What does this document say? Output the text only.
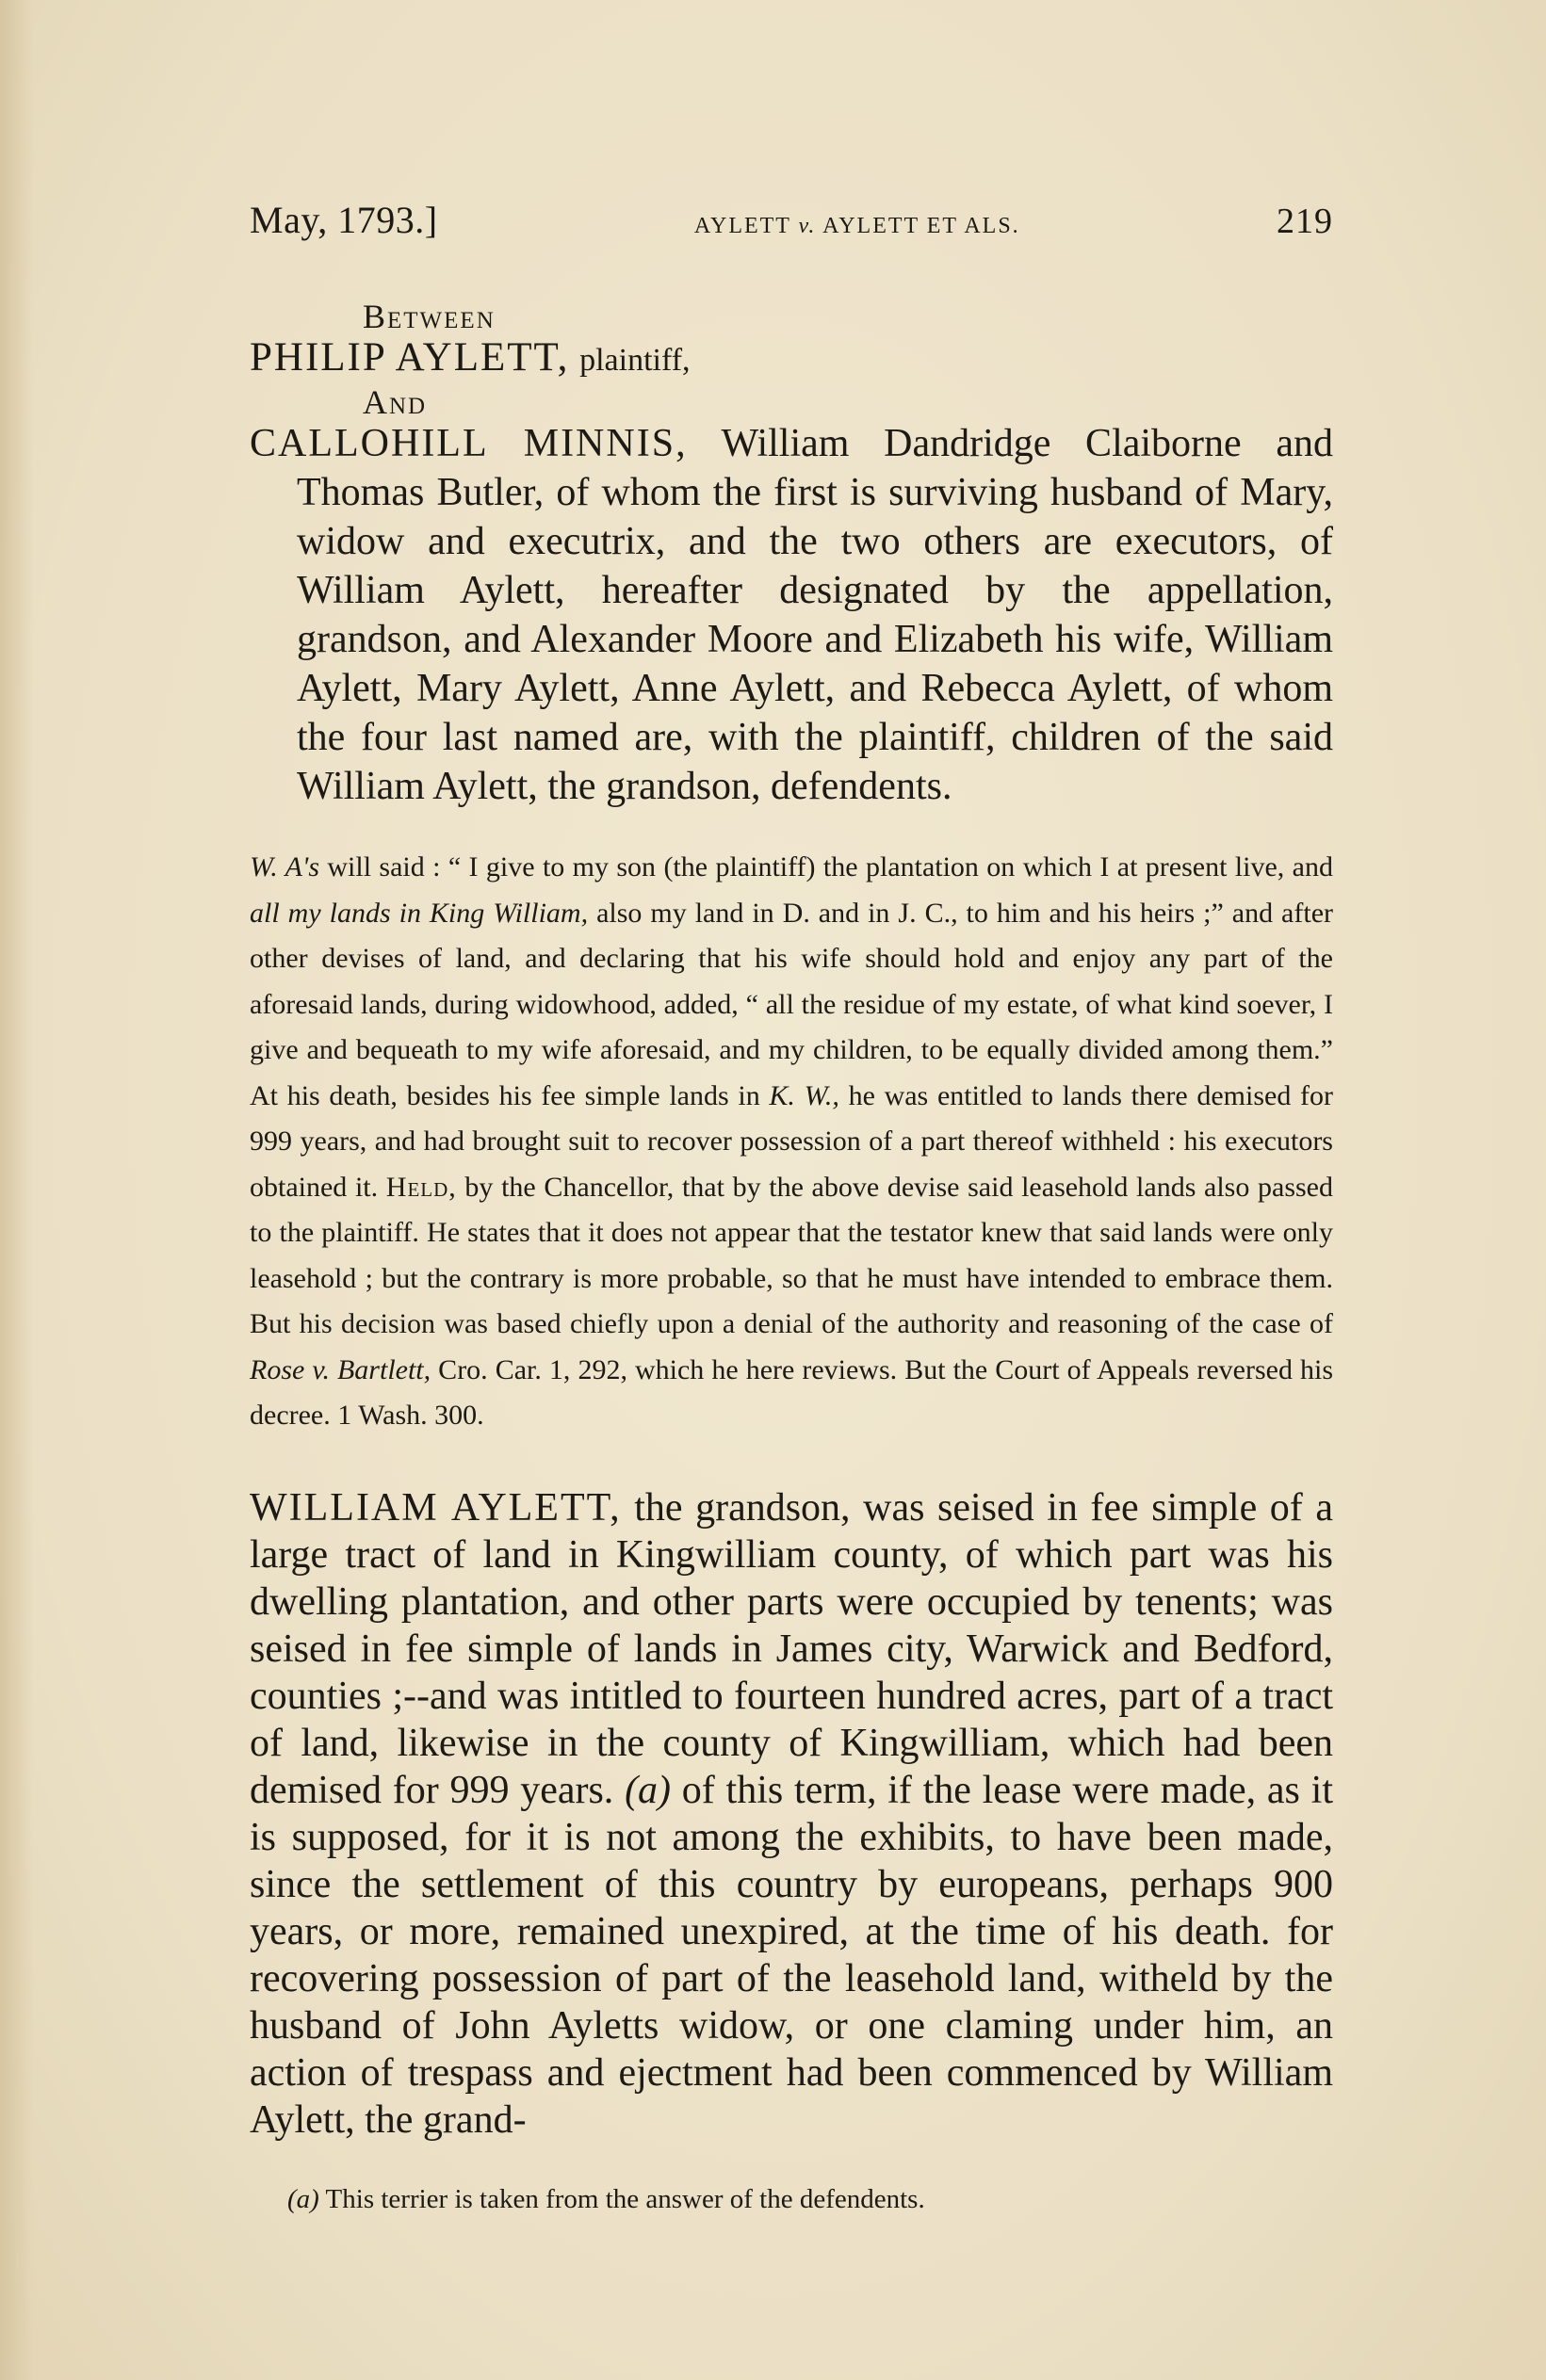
May, 1793.]	AYLETT v. AYLETT ET ALS.	219
Between
PHILIP AYLETT, plaintiff,
And
CALLOHILL MINNIS, William Dandridge Claiborne and Thomas Butler, of whom the first is surviving husband of Mary, widow and executrix, and the two others are executors, of William Aylett, hereafter designated by the appellation, grandson, and Alexander Moore and Elizabeth his wife, William Aylett, Mary Aylett, Anne Aylett, and Rebecca Aylett, of whom the four last named are, with the plaintiff, children of the said William Aylett, the grandson, defendents.
W. A's will said : “ I give to my son (the plaintiff) the plantation on which I at present live, and all my lands in King William, also my land in D. and in J. C., to him and his heirs ;” and after other devises of land, and declaring that his wife should hold and enjoy any part of the aforesaid lands, during widowhood, added, “ all the residue of my estate, of what kind soever, I give and bequeath to my wife aforesaid, and my children, to be equally divided among them.” At his death, besides his fee simple lands in K. W., he was entitled to lands there demised for 999 years, and had brought suit to recover possession of a part thereof withheld : his executors obtained it. Held, by the Chancellor, that by the above devise said leasehold lands also passed to the plaintiff. He states that it does not appear that the testator knew that said lands were only leasehold ; but the contrary is more probable, so that he must have intended to embrace them. But his decision was based chiefly upon a denial of the authority and reasoning of the case of Rose v. Bartlett, Cro. Car. 1, 292, which he here reviews. But the Court of Appeals reversed his decree. 1 Wash. 300.
WILLIAM AYLETT, the grandson, was seised in fee simple of a large tract of land in Kingwilliam county, of which part was his dwelling plantation, and other parts were occupied by tenents; was seised in fee simple of lands in James city, Warwick and Bedford, counties ;--and was intitled to fourteen hundred acres, part of a tract of land, likewise in the county of Kingwilliam, which had been demised for 999 years. (a) of this term, if the lease were made, as it is supposed, for it is not among the exhibits, to have been made, since the settlement of this country by europeans, perhaps 900 years, or more, remained unexpired, at the time of his death. for recovering possession of part of the leasehold land, witheld by the husband of John Ayletts widow, or one claming under him, an action of trespass and ejectment had been commenced by William Aylett, the grand-
(a) This terrier is taken from the answer of the defendents.
